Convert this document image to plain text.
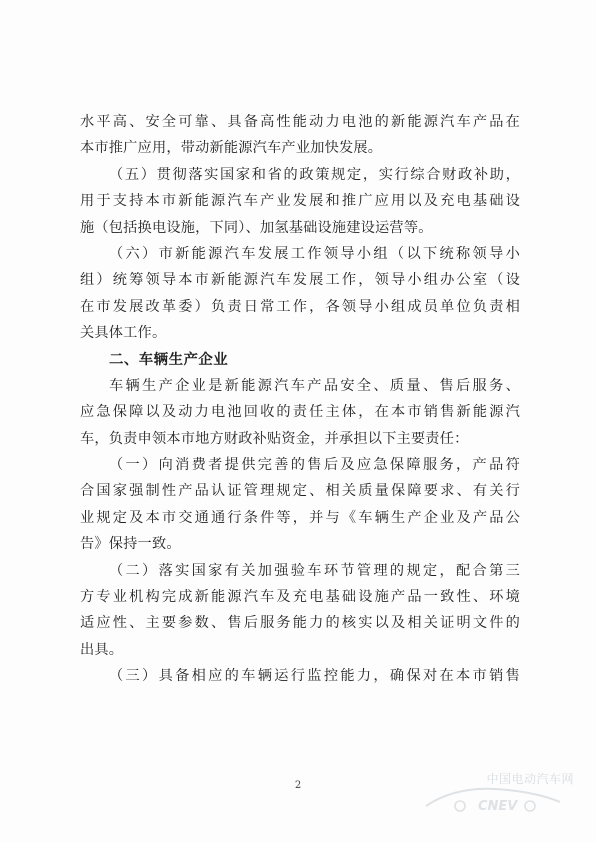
水平高、安全可靠、具备高性能动力电池的新能源汽车产品在
本市推广应用，带动新能源汽车产业加快发展。
（五）贯彻落实国家和省的政策规定，实行综合财政补助，
用于支持本市新能源汽车产业发展和推广应用以及充电基础设
施（包括换电设施，下同）、加氢基础设施建设运营等。
（六）市新能源汽车发展工作领导小组（以下统称领导小
组）统筹领导本市新能源汽车发展工作，领导小组办公室（设
在市发展改革委）负责日常工作，各领导小组成员单位负责相
关具体工作。
二、车辆生产企业
车辆生产企业是新能源汽车产品安全、质量、售后服务、
应急保障以及动力电池回收的责任主体，在本市销售新能源汽
车，负责申领本市地方财政补贴资金，并承担以下主要责任：
（一）向消费者提供完善的售后及应急保障服务，产品符
合国家强制性产品认证管理规定、相关质量保障要求、有关行
业规定及本市交通通行条件等，并与《车辆生产企业及产品公
告》保持一致。
（二）落实国家有关加强验车环节管理的规定，配合第三
方专业机构完成新能源汽车及充电基础设施产品一致性、环境
适应性、主要参数、售后服务能力的核实以及相关证明文件的
出具。
（三）具备相应的车辆运行监控能力，确保对在本市销售
2	中国电动汽车网
CNEV
